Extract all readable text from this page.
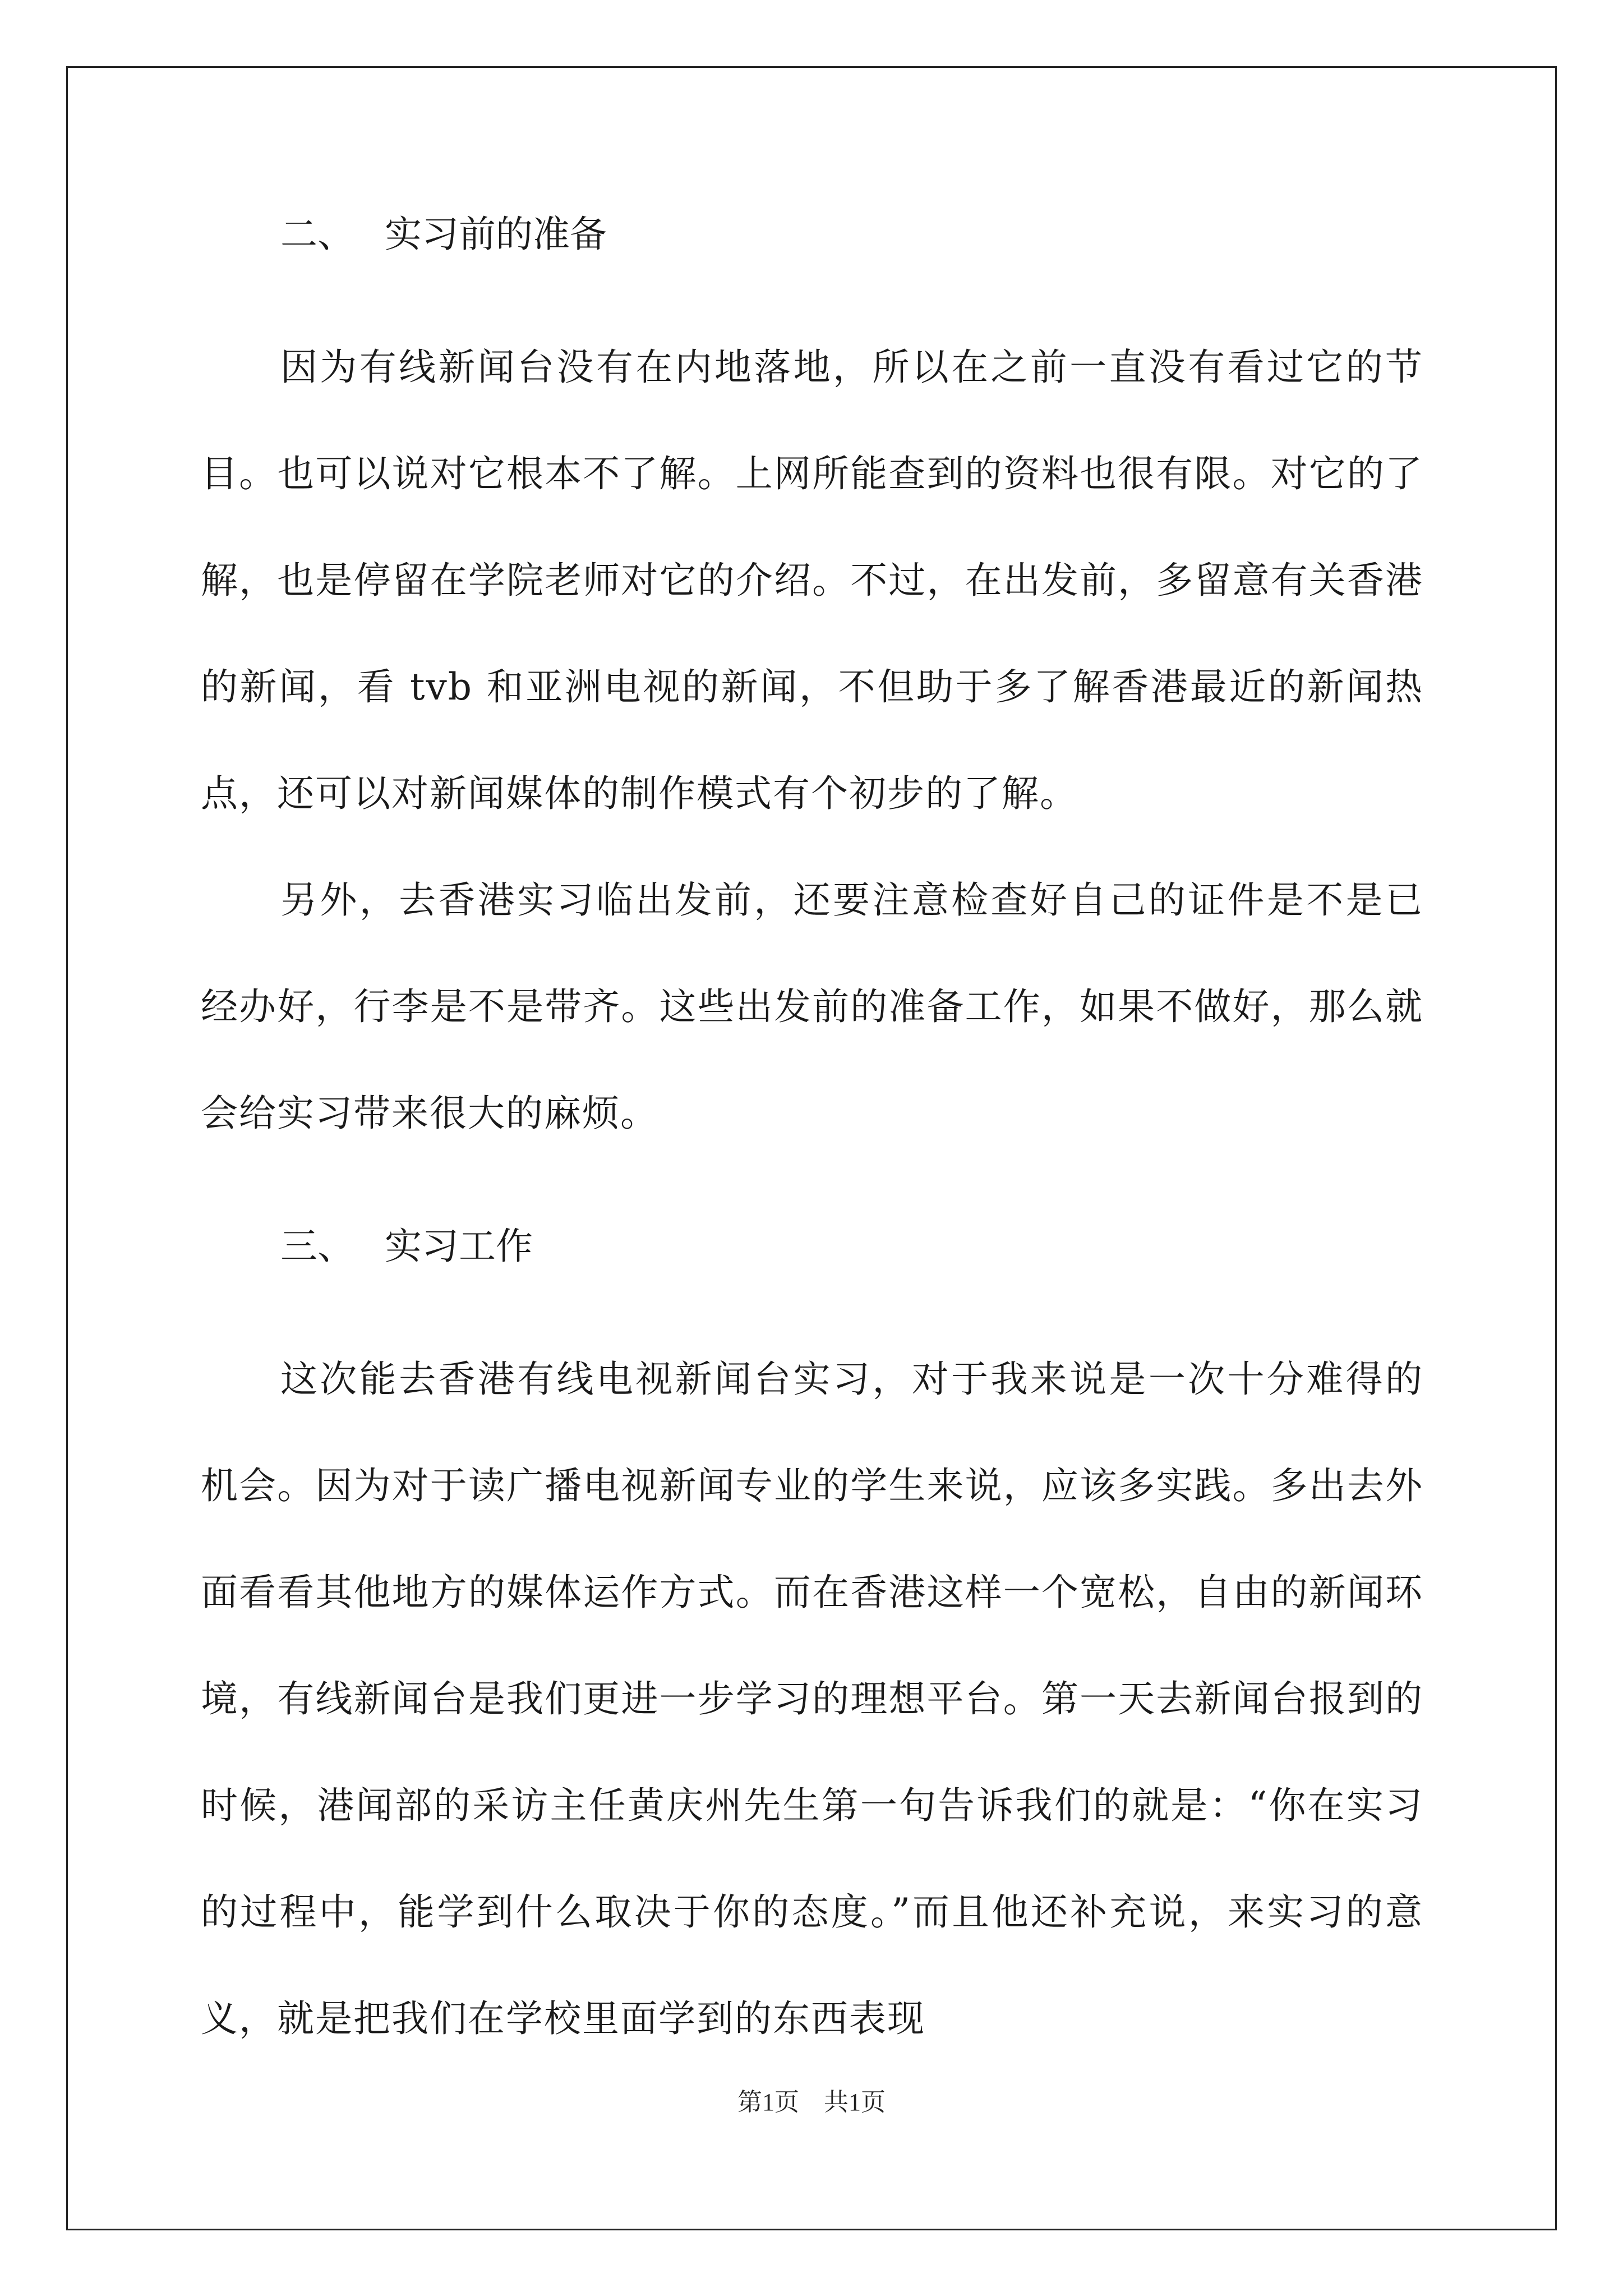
二、 实习前的准备

因为有线新闻台没有在内地落地，所以在之前一直没有看过它的节目。也可以说对它根本不了解。上网所能查到的资料也很有限。对它的了解，也是停留在学院老师对它的介绍。不过，在出发前，多留意有关香港的新闻，看 tvb 和亚洲电视的新闻，不但助于多了解香港最近的新闻热点，还可以对新闻媒体的制作模式有个初步的了解。

另外，去香港实习临出发前，还要注意检查好自己的证件是不是已经办好，行李是不是带齐。这些出发前的准备工作，如果不做好，那么就会给实习带来很大的麻烦。

三、 实习工作

这次能去香港有线电视新闻台实习，对于我来说是一次十分难得的机会。因为对于读广播电视新闻专业的学生来说，应该多实践。多出去外面看看其他地方的媒体运作方式。而在香港这样一个宽松，自由的新闻环境，有线新闻台是我们更进一步学习的理想平台。第一天去新闻台报到的时候，港闻部的采访主任黄庆州先生第一句告诉我们的就是：“你在实习的过程中，能学到什么取决于你的态度。”而且他还补充说，来实习的意义，就是把我们在学校里面学到的东西表现

第1页　共1页
